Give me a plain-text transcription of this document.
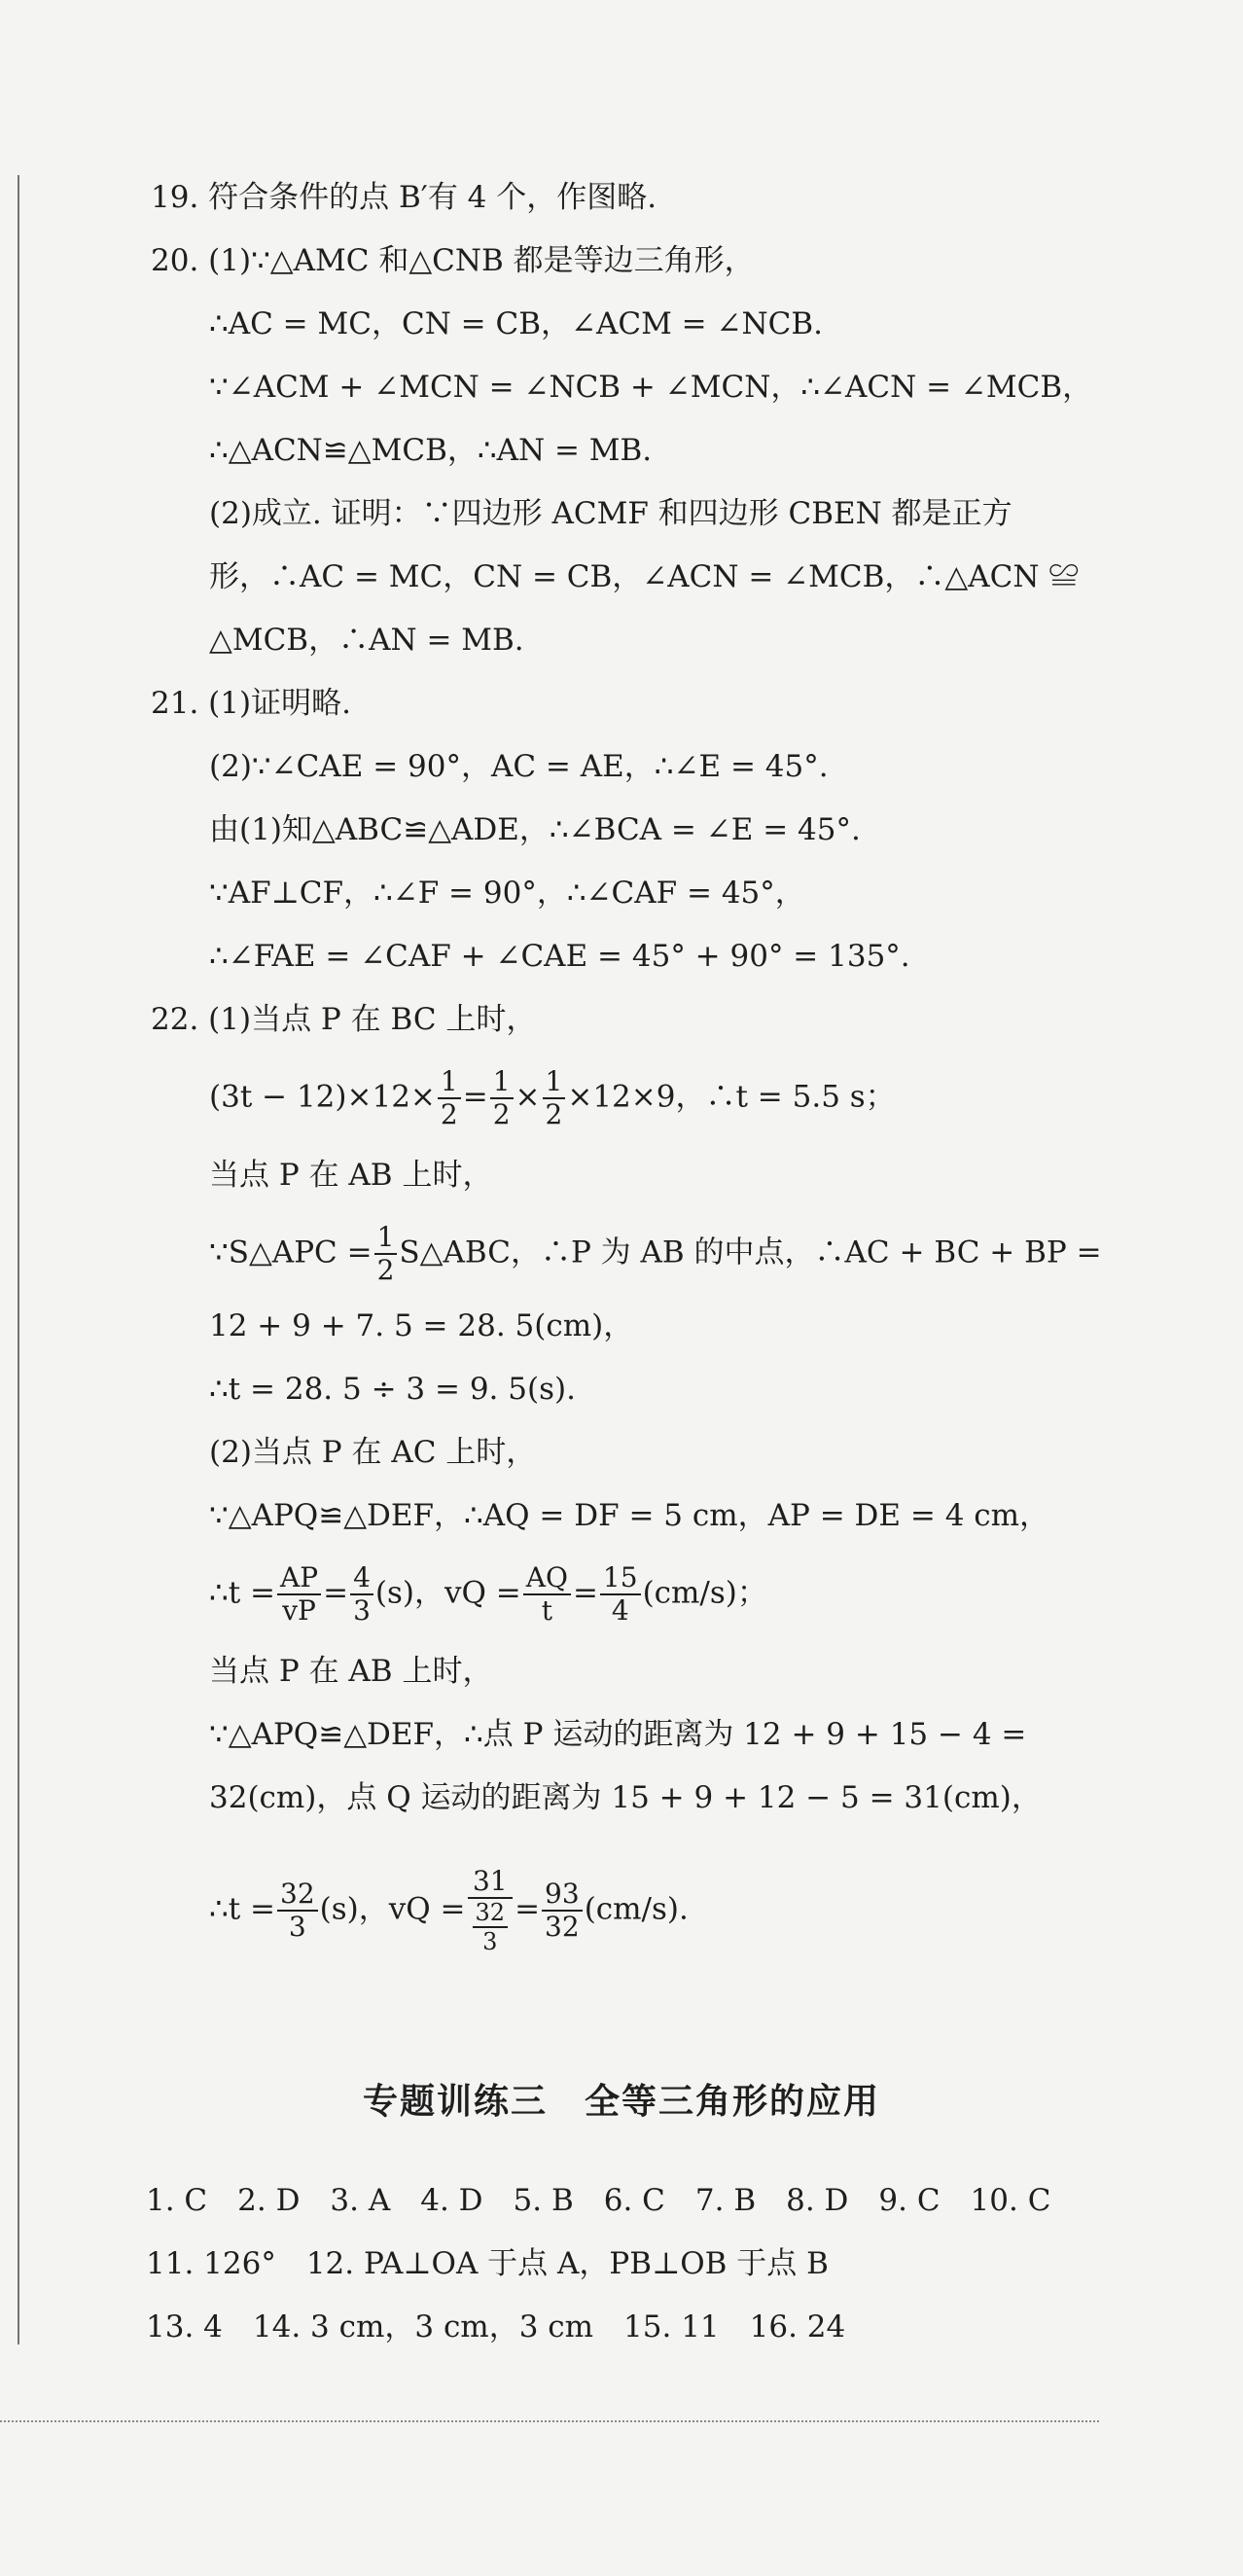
19. 符合条件的点 B′有 4 个，作图略.
20. (1)∵△AMC 和△CNB 都是等边三角形，
∴AC = MC，CN = CB，∠ACM = ∠NCB.
∵∠ACM + ∠MCN = ∠NCB + ∠MCN，∴∠ACN = ∠MCB，
∴△ACN≌△MCB，∴AN = MB.
(2)成立. 证明：∵四边形 ACMF 和四边形 CBEN 都是正方
形，∴AC = MC，CN = CB，∠ACN = ∠MCB，∴△ACN ≌
△MCB，∴AN = MB.
21. (1)证明略.
(2)∵∠CAE = 90°，AC = AE，∴∠E = 45°.
由(1)知△ABC≌△ADE，∴∠BCA = ∠E = 45°.
∵AF⊥CF，∴∠F = 90°，∴∠CAF = 45°，
∴∠FAE = ∠CAF + ∠CAE = 45° + 90° = 135°.
22. (1)当点 P 在 BC 上时，
$(3t - 12)\times 12\times \frac{1}{2} = \frac{1}{2} \times \frac{1}{2} \times 12\times 9$，∴t = 5.5 s；
当点 P 在 AB 上时，
∵S△APC = $\frac{1}{2}$ S△ABC，∴P 为 AB 的中点，∴AC + BC + BP =
12 + 9 + 7. 5 = 28. 5(cm)，
∴t = 28. 5 ÷ 3 = 9. 5(s).
(2)当点 P 在 AC 上时，
∵△APQ≌△DEF，∴AQ = DF = 5 cm，AP = DE = 4 cm，
∴t = $\frac{AP}{vP} = \frac{4}{3} (s)$，vQ = $\frac{AQ}{t} = \frac{15}{4} (cm/s)$；
当点 P 在 AB 上时，
∵△APQ≌△DEF，∴点 P 运动的距离为 12 + 9 + 15 − 4 =
32(cm)，点 Q 运动的距离为 15 + 9 + 12 − 5 = 31(cm)，
∴t = $\frac{32}{3} (s)$，vQ = $\frac{31}{\frac{32}{3}} = \frac{93}{32} (cm/s)$.
专题训练三　全等三角形的应用
1. C　2. D　3. A　4. D　5. B　6. C　7. B　8. D　9. C　10. C
11. 126°　12. PA⊥OA 于点 A，PB⊥OB 于点 B
13. 4　14. 3 cm，3 cm，3 cm　15. 11　16. 24
